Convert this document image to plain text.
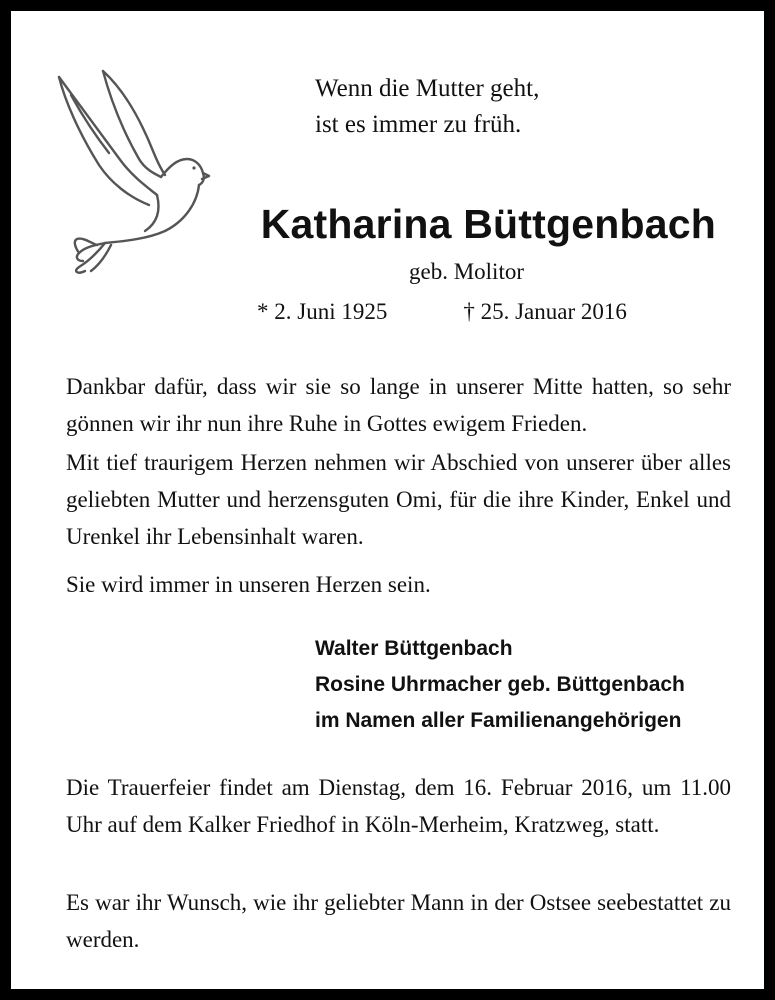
Wenn die Mutter geht,
ist es immer zu früh.
Katharina Büttgenbach
geb. Molitor
* 2. Juni 1925	† 25. Januar 2016
Dankbar dafür, dass wir sie so lange in unserer Mitte hatten, so sehr gönnen wir ihr nun ihre Ruhe in Gottes ewigem Frieden.
Mit tief traurigem Herzen nehmen wir Abschied von unserer über alles geliebten Mutter und herzensguten Omi, für die ihre Kinder, Enkel und Urenkel ihr Lebensinhalt waren.
Sie wird immer in unseren Herzen sein.
Walter Büttgenbach
Rosine Uhrmacher geb. Büttgenbach
im Namen aller Familienangehörigen
Die Trauerfeier findet am Dienstag, dem 16. Februar 2016, um 11.00 Uhr auf dem Kalker Friedhof in Köln-Merheim, Kratzweg, statt.
Es war ihr Wunsch, wie ihr geliebter Mann in der Ostsee seebestattet zu werden.
